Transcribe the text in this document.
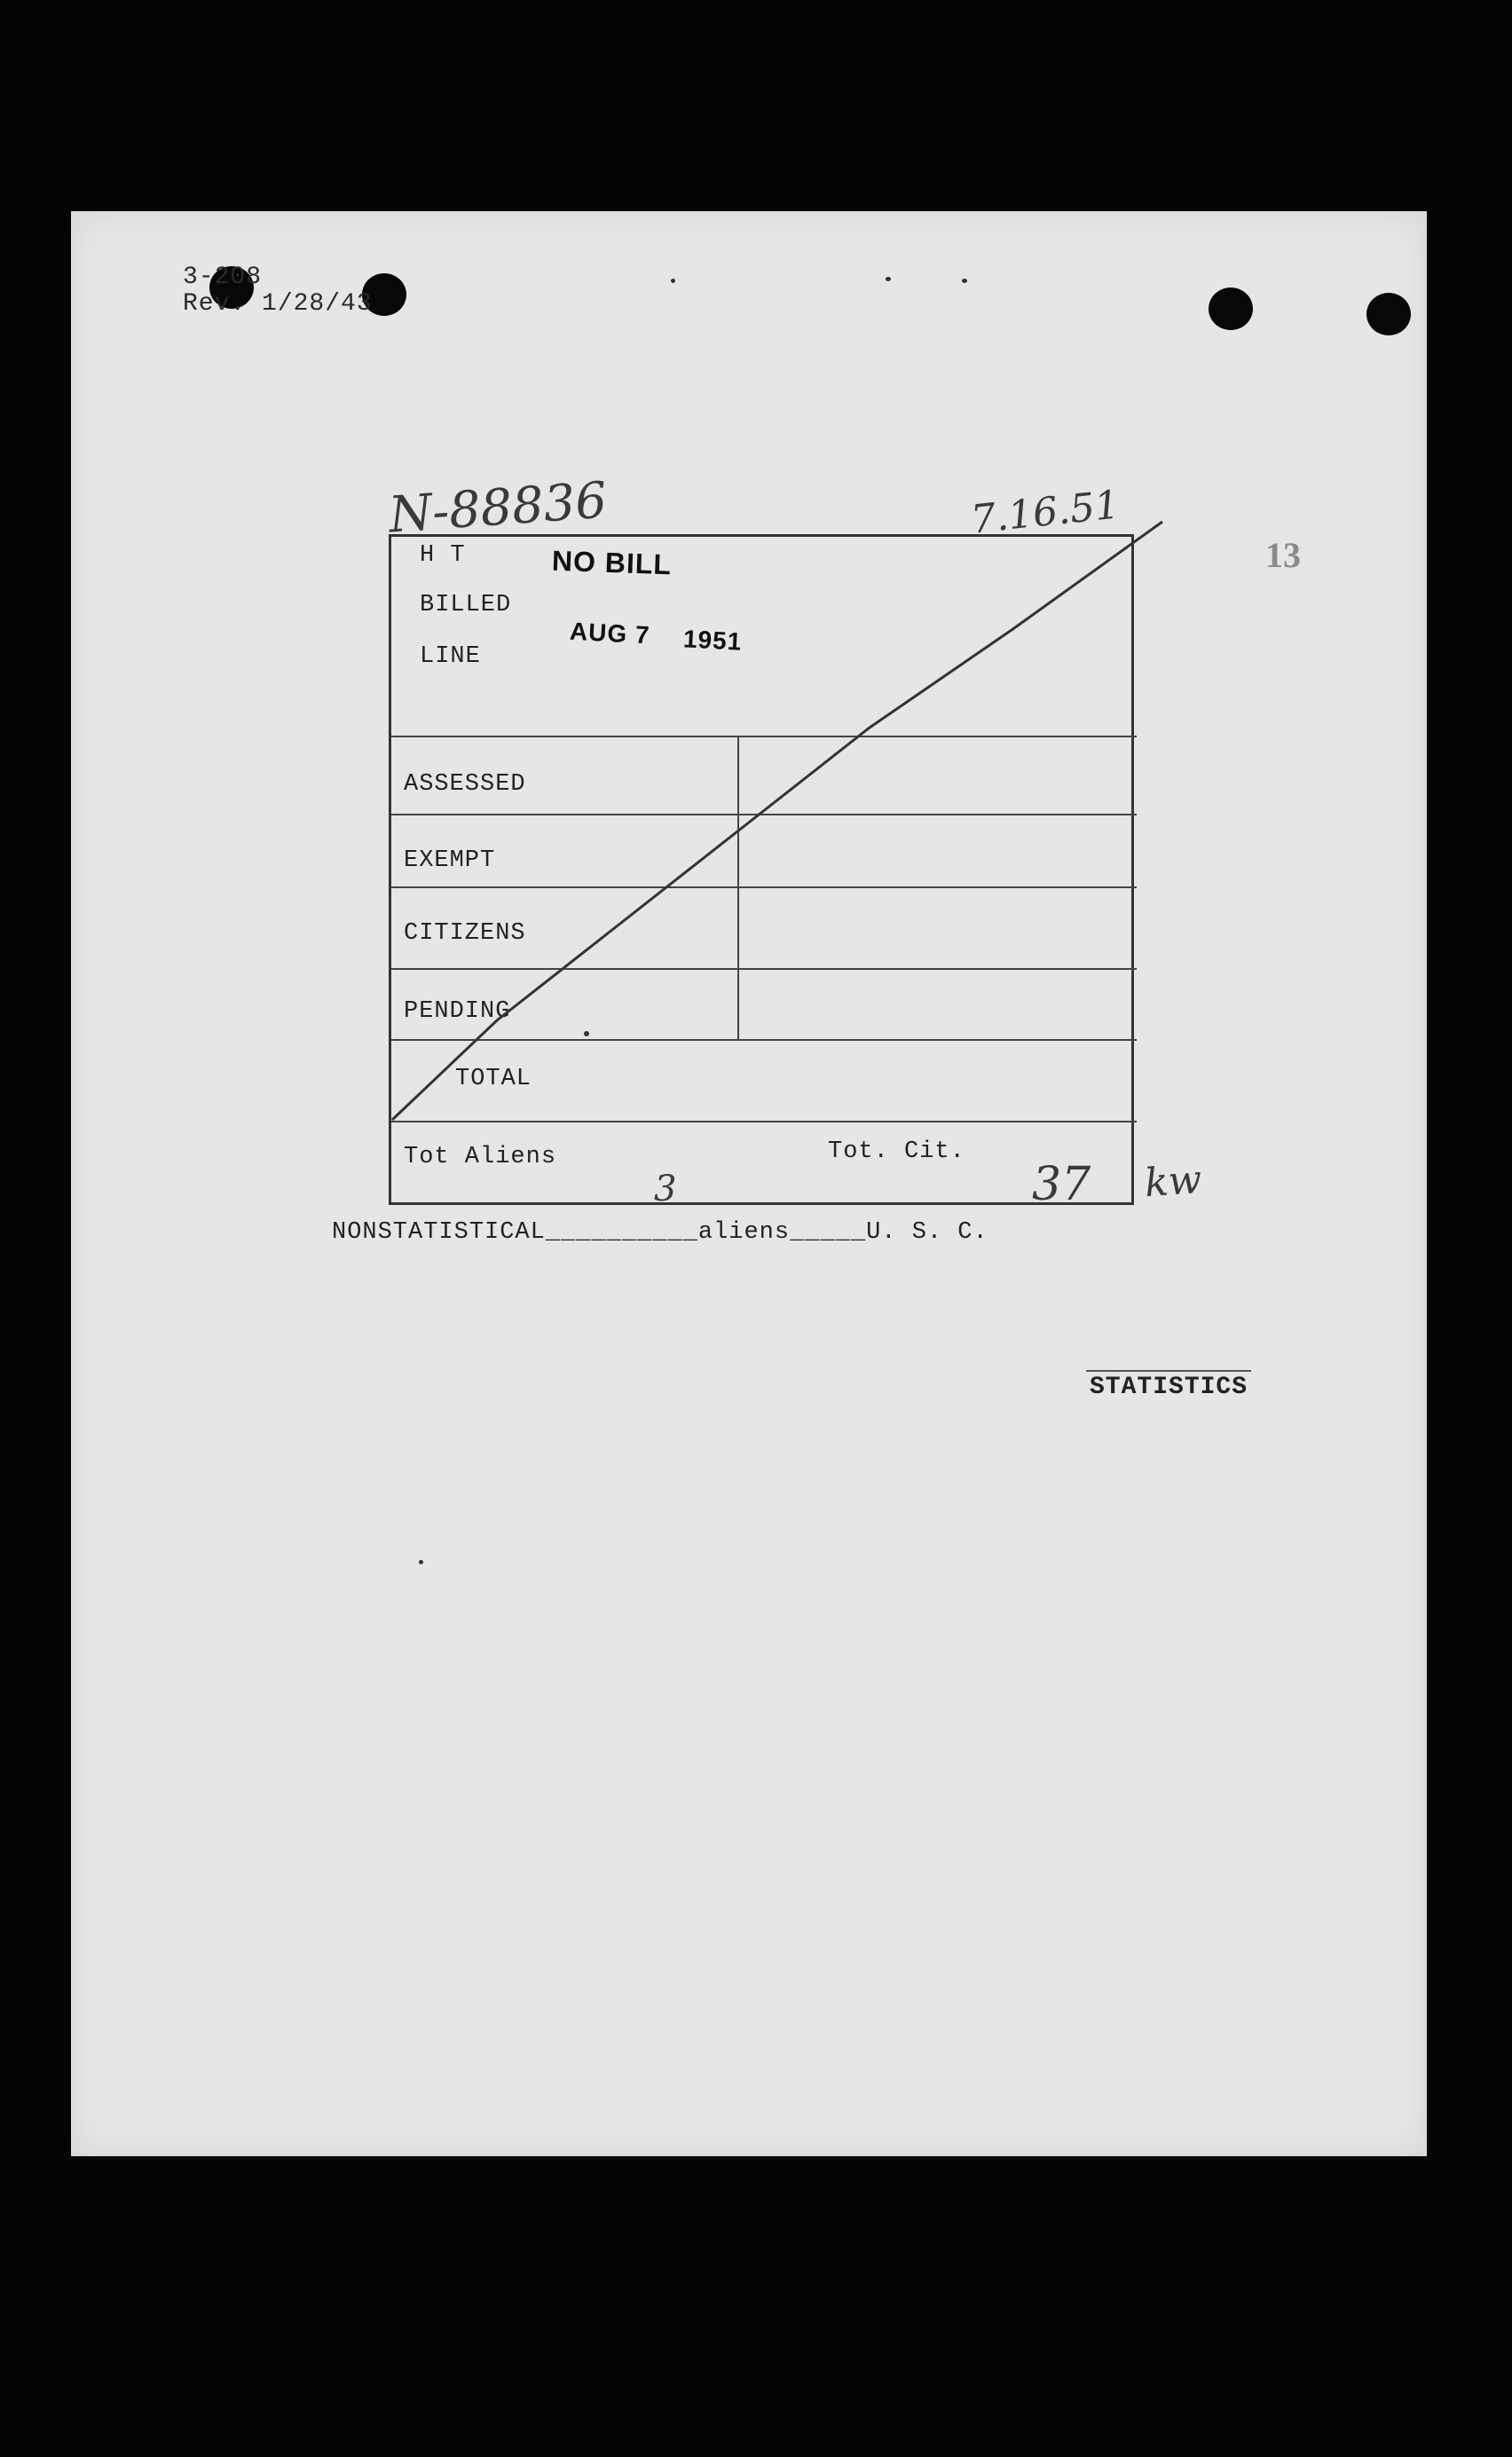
3-208
Rev. 1/28/43
N-88836	7.16.51
13
H T
BILLED
LINE
ASSESSED
EXEMPT
CITIZENS
PENDING
TOTAL
Tot Aliens	Tot. Cit.
3	37
NO BILL
AUG 7 1951
kw
NONSTATISTICAL__________aliens_____U. S. C.
STATISTICS
